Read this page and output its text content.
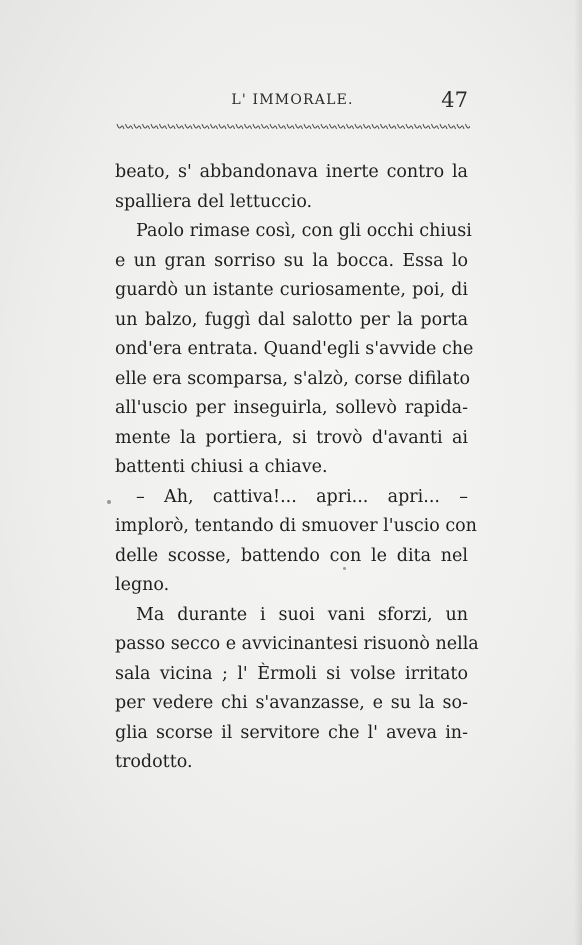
L' IMMORALE.	47
beato, s' abbandonava inerte contro la
spalliera del lettuccio.
Paolo rimase così, con gli occhi chiusi
e un gran sorriso su la bocca. Essa lo
guardò un istante curiosamente, poi, di
un balzo, fuggì dal salotto per la porta
ond'era entrata. Quand'egli s'avvide che
elle era scomparsa, s'alzò, corse difilato
all'uscio per inseguirla, sollevò rapida-
mente la portiera, si trovò d'avanti ai
battenti chiusi a chiave.
– Ah, cattiva!... apri... apri... –
implorò, tentando di smuover l'uscio con
delle scosse, battendo con le dita nel
legno.
Ma durante i suoi vani sforzi, un
passo secco e avvicinantesi risuonò nella
sala vicina ; l' Èrmoli si volse irritato
per vedere chi s'avanzasse, e su la so-
glia scorse il servitore che l' aveva in-
trodotto.
